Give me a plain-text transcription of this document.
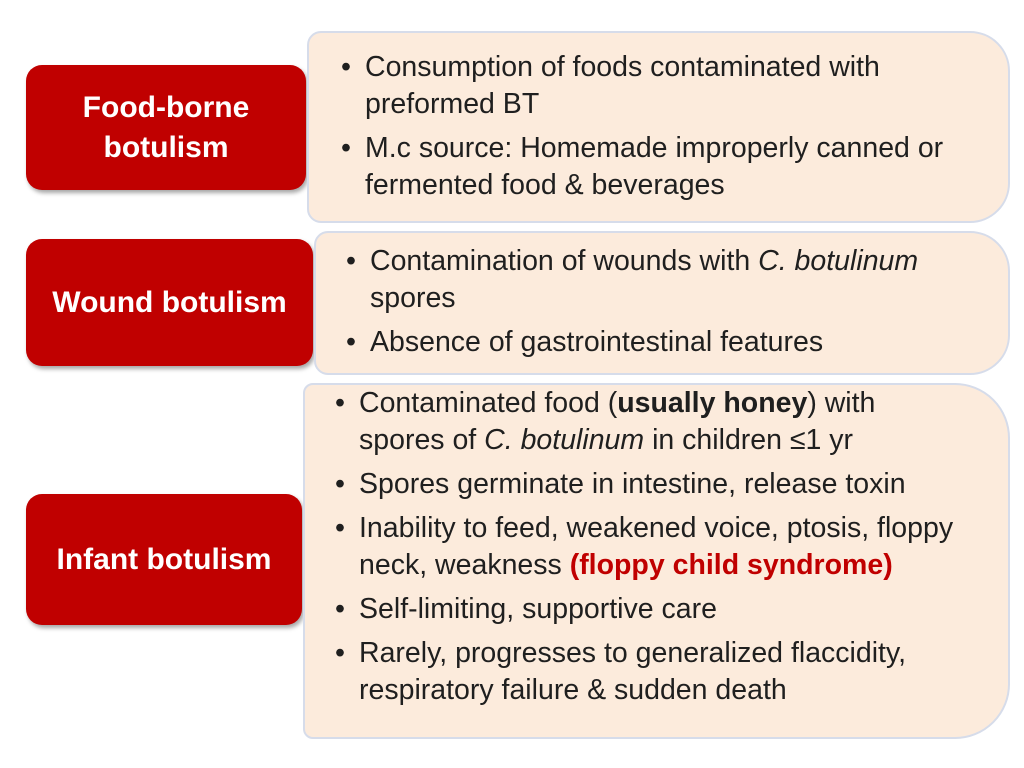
Food-borne botulism
• Consumption of foods contaminated with preformed BT
• M.c source: Homemade improperly canned or fermented food & beverages
Wound botulism
• Contamination of wounds with C. botulinum spores
• Absence of gastrointestinal features
Infant botulism
• Contaminated food (usually honey) with spores of C. botulinum in children ≤1 yr
• Spores germinate in intestine, release toxin
• Inability to feed, weakened voice, ptosis, floppy neck, weakness (floppy child syndrome)
• Self-limiting, supportive care
• Rarely, progresses to generalized flaccidity, respiratory failure & sudden death
